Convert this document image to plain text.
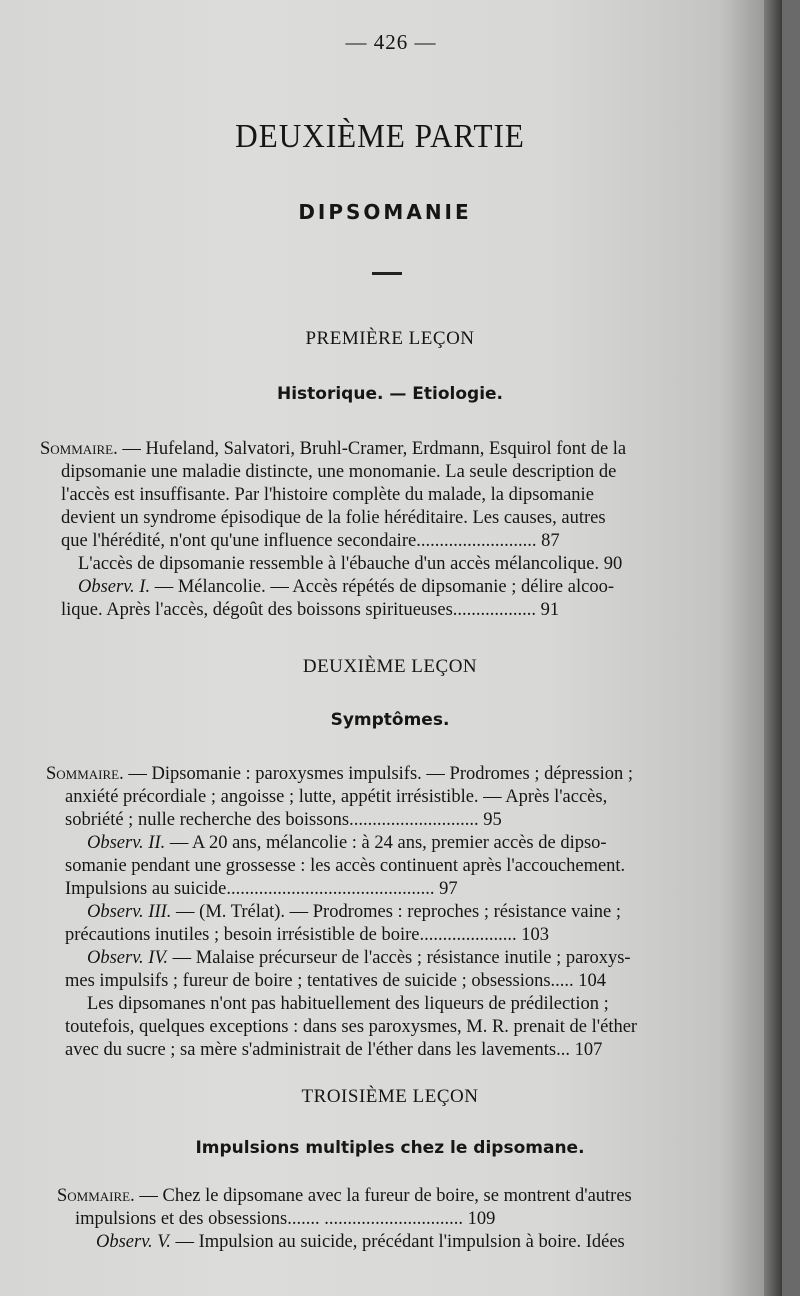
— 426 —
DEUXIÈME PARTIE
DIPSOMANIE
PREMIÈRE LEÇON
Historique. — Etiologie.
Sommaire. — Hufeland, Salvatori, Bruhl-Cramer, Erdmann, Esquirol font de la
dipsomanie une maladie distincte, une monomanie. La seule description de
l'accès est insuffisante. Par l'histoire complète du malade, la dipsomanie
devient un syndrome épisodique de la folie héréditaire. Les causes, autres
que l'hérédité, n'ont qu'une influence secondaire.......................... 87
L'accès de dipsomanie ressemble à l'ébauche d'un accès mélancolique. 90
Observ. I. — Mélancolie. — Accès répétés de dipsomanie ; délire alcoo-
lique. Après l'accès, dégoût des boissons spiritueuses.................. 91
DEUXIÈME LEÇON
Symptômes.
Sommaire. — Dipsomanie : paroxysmes impulsifs. — Prodromes ; dépression ;
anxiété précordiale ; angoisse ; lutte, appétit irrésistible. — Après l'accès,
sobriété ; nulle recherche des boissons............................ 95
Observ. II. — A 20 ans, mélancolie : à 24 ans, premier accès de dipso-
somanie pendant une grossesse : les accès continuent après l'accouchement.
Impulsions au suicide............................................. 97
Observ. III. — (M. Trélat). — Prodromes : reproches ; résistance vaine ;
précautions inutiles ; besoin irrésistible de boire..................... 103
Observ. IV. — Malaise précurseur de l'accès ; résistance inutile ; paroxys-
mes impulsifs ; fureur de boire ; tentatives de suicide ; obsessions..... 104
Les dipsomanes n'ont pas habituellement des liqueurs de prédilection ;
toutefois, quelques exceptions : dans ses paroxysmes, M. R. prenait de l'éther
avec du sucre ; sa mère s'administrait de l'éther dans les lavements... 107
TROISIÈME LEÇON
Impulsions multiples chez le dipsomane.
Sommaire. — Chez le dipsomane avec la fureur de boire, se montrent d'autres
impulsions et des obsessions....... .............................. 109
Observ. V. — Impulsion au suicide, précédant l'impulsion à boire. Idées
